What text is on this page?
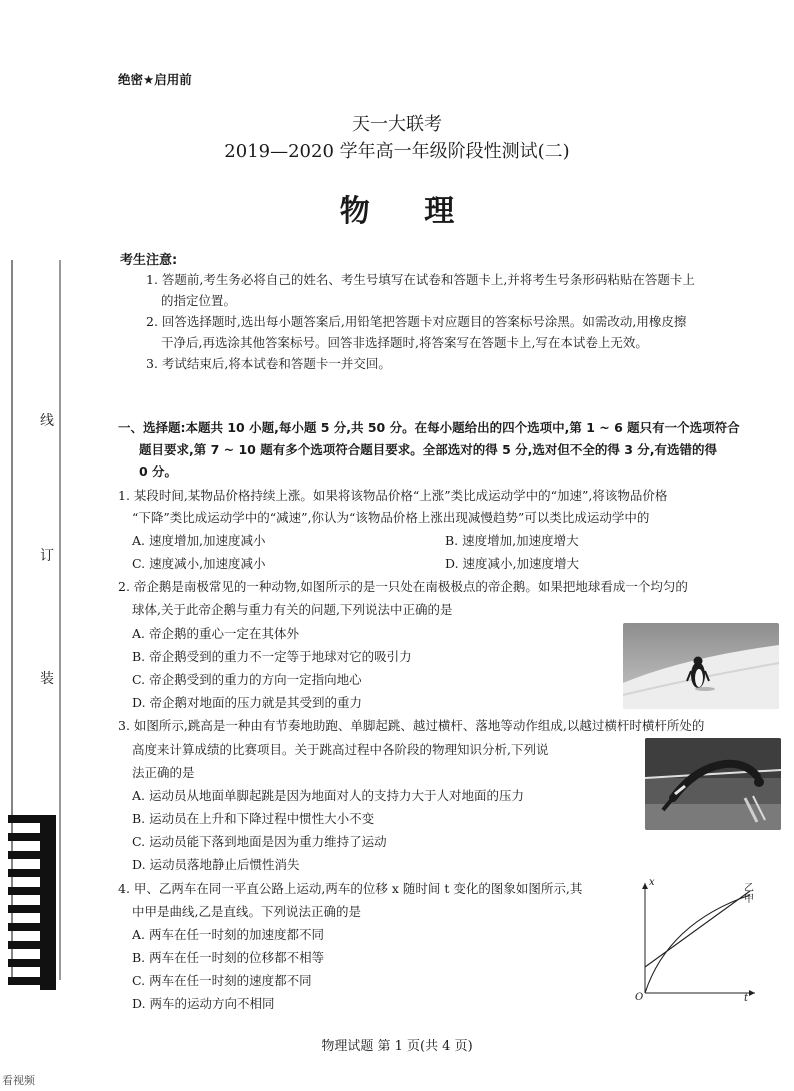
线
订
装
看视频
绝密★启用前
天一大联考
2019—2020 学年高一年级阶段性测试(二)
物 理
考生注意:
1. 答题前,考生务必将自己的姓名、考生号填写在试卷和答题卡上,并将考生号条形码粘贴在答题卡上
的指定位置。
2. 回答选择题时,选出每小题答案后,用铅笔把答题卡对应题目的答案标号涂黑。如需改动,用橡皮擦
干净后,再选涂其他答案标号。回答非选择题时,将答案写在答题卡上,写在本试卷上无效。
3. 考试结束后,将本试卷和答题卡一并交回。
一、选择题:本题共 10 小题,每小题 5 分,共 50 分。在每小题给出的四个选项中,第 1 ~ 6 题只有一个选项符合
题目要求,第 7 ~ 10 题有多个选项符合题目要求。全部选对的得 5 分,选对但不全的得 3 分,有选错的得
0 分。
1. 某段时间,某物品价格持续上涨。如果将该物品价格“上涨”类比成运动学中的“加速”,将该物品价格
“下降”类比成运动学中的“减速”,你认为“该物品价格上涨出现减慢趋势”可以类比成运动学中的
A. 速度增加,加速度减小	B. 速度增加,加速度增大
C. 速度减小,加速度减小	D. 速度减小,加速度增大
2. 帝企鹅是南极常见的一种动物,如图所示的是一只处在南极极点的帝企鹅。如果把地球看成一个均匀的
球体,关于此帝企鹅与重力有关的问题,下列说法中正确的是
A. 帝企鹅的重心一定在其体外
B. 帝企鹅受到的重力不一定等于地球对它的吸引力
C. 帝企鹅受到的重力的方向一定指向地心
D. 帝企鹅对地面的压力就是其受到的重力
3. 如图所示,跳高是一种由有节奏地助跑、单脚起跳、越过横杆、落地等动作组成,以越过横杆时横杆所处的
高度来计算成绩的比赛项目。关于跳高过程中各阶段的物理知识分析,下列说
法正确的是
A. 运动员从地面单脚起跳是因为地面对人的支持力大于人对地面的压力
B. 运动员在上升和下降过程中惯性大小不变
C. 运动员能下落到地面是因为重力维持了运动
D. 运动员落地静止后惯性消失
4. 甲、乙两车在同一平直公路上运动,两车的位移 x 随时间 t 变化的图象如图所示,其
中甲是曲线,乙是直线。下列说法正确的是
A. 两车在任一时刻的加速度都不同
B. 两车在任一时刻的位移都不相等
C. 两车在任一时刻的速度都不同
D. 两车的运动方向不相同
x
t
O
乙
甲
物理试题 第 1 页(共 4 页)
